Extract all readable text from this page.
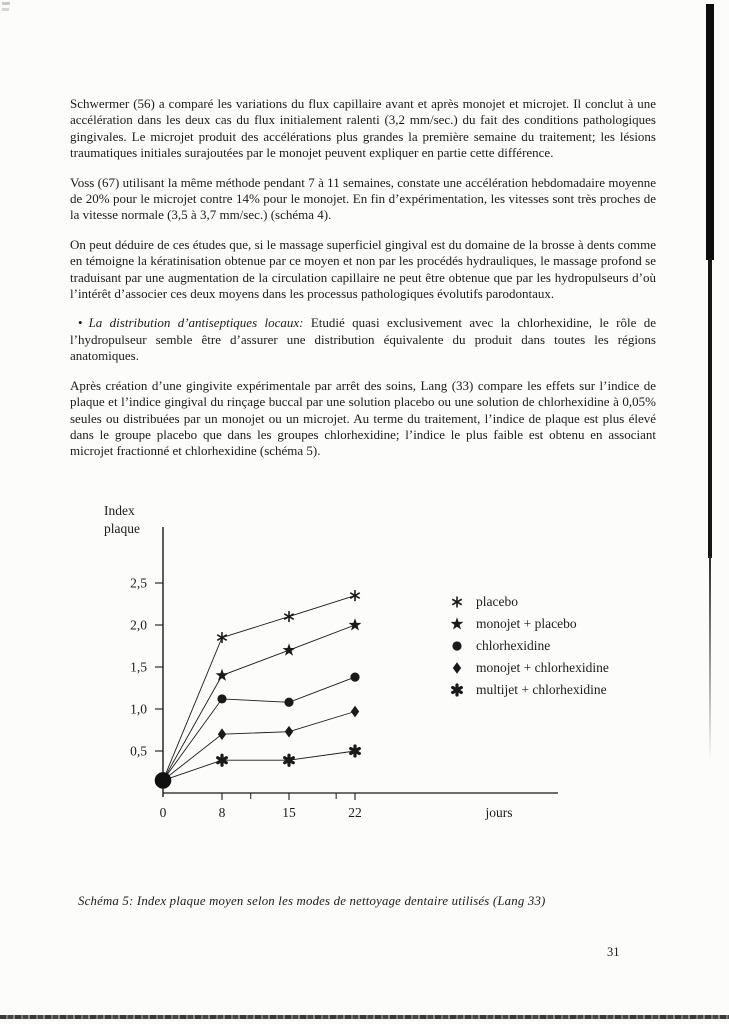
Schwermer (56) a comparé les variations du flux capillaire avant et après monojet et microjet. Il conclut à une accélération dans les deux cas du flux initialement ralenti (3,2 mm/sec.) du fait des conditions pathologiques gingivales. Le microjet produit des accélérations plus grandes la première semaine du traitement; les lésions traumatiques initiales surajoutées par le monojet peuvent expliquer en partie cette différence.

Voss (67) utilisant la même méthode pendant 7 à 11 semaines, constate une accélération hebdomadaire moyenne de 20% pour le microjet contre 14% pour le monojet. En fin d’expérimentation, les vitesses sont très proches de la vitesse normale (3,5 à 3,7 mm/sec.) (schéma 4).

On peut déduire de ces études que, si le massage superficiel gingival est du domaine de la brosse à dents comme en témoigne la kératinisation obtenue par ce moyen et non par les procédés hydrauliques, le massage profond se traduisant par une augmentation de la circulation capillaire ne peut être obtenue que par les hydropulseurs d’où l’intérêt d’associer ces deux moyens dans les processus pathologiques évolutifs parodontaux.

• La distribution d’antiseptiques locaux: Etudié quasi exclusivement avec la chlorhexidine, le rôle de l’hydropulseur semble être d’assurer une distribution équivalente du produit dans toutes les régions anatomiques.

Après création d’une gingivite expérimentale par arrêt des soins, Lang (33) compare les effets sur l’indice de plaque et l’indice gingival du rinçage buccal par une solution placebo ou une solution de chlorhexidine à 0,05% seules ou distribuées par un monojet ou un microjet. Au terme du traitement, l’indice de plaque est plus élevé dans le groupe placebo que dans les groupes chlorhexidine; l’indice le plus faible est obtenu en associant microjet fractionné et chlorhexidine (schéma 5).

Index plaque
0,5
1,0
1,5
2,0
2,5
0	8	15	22	jours
placebo
monojet + placebo
chlorhexidine
monojet + chlorhexidine
multijet + chlorhexidine
Schéma 5: Index plaque moyen selon les modes de nettoyage dentaire utilisés (Lang 33)
31
